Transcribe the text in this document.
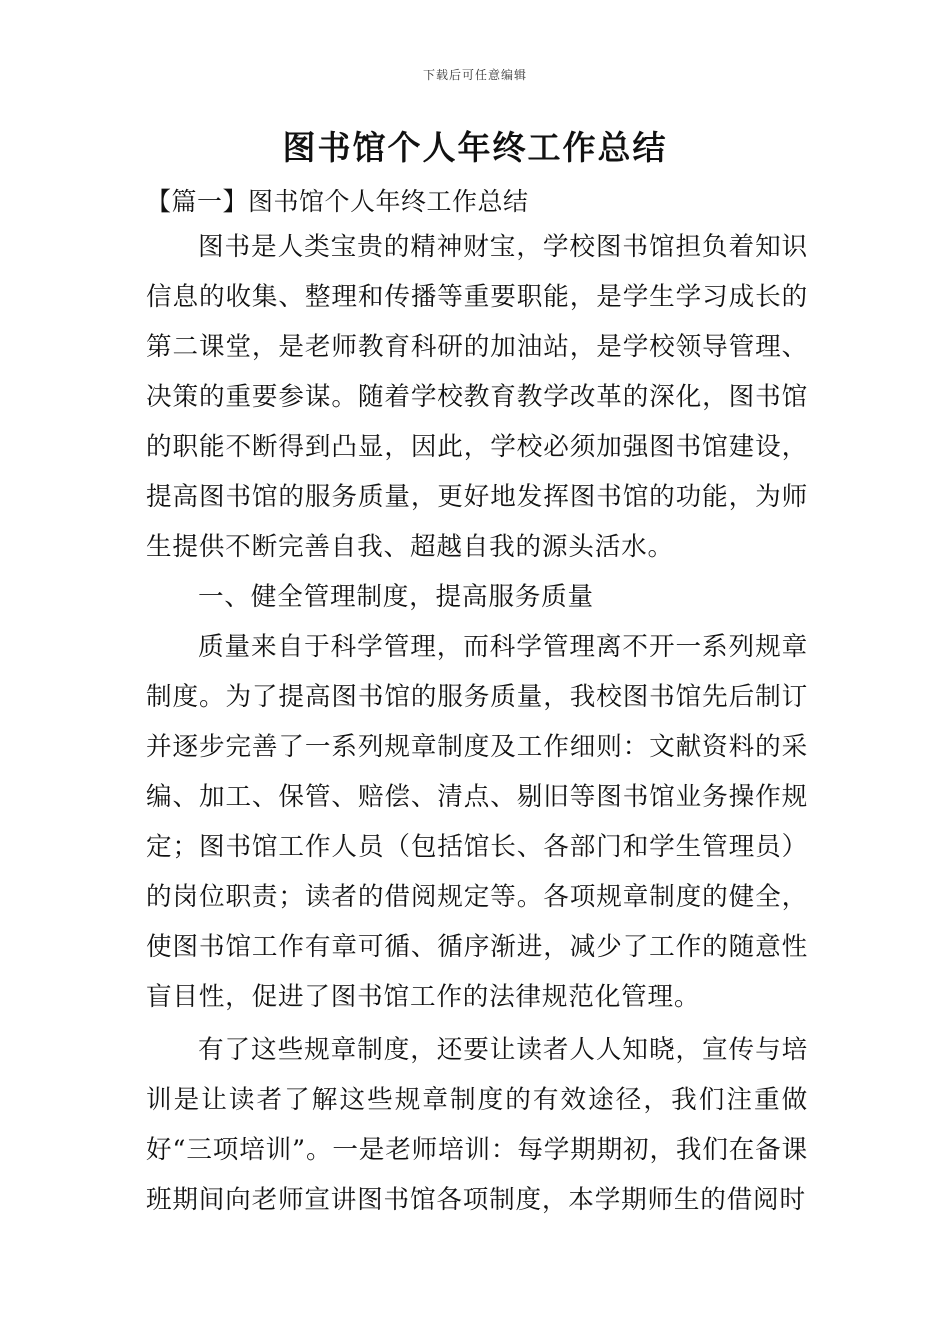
下载后可任意编辑
图书馆个人年终工作总结
【篇一】图书馆个人年终工作总结

图书是人类宝贵的精神财宝，学校图书馆担负着知识信息的收集、整理和传播等重要职能，是学生学习成长的第二课堂，是老师教育科研的加油站，是学校领导管理、决策的重要参谋。随着学校教育教学改革的深化，图书馆的职能不断得到凸显，因此，学校必须加强图书馆建设，提高图书馆的服务质量，更好地发挥图书馆的功能，为师生提供不断完善自我、超越自我的源头活水。

一、健全管理制度，提高服务质量

质量来自于科学管理，而科学管理离不开一系列规章制度。为了提高图书馆的服务质量，我校图书馆先后制订并逐步完善了一系列规章制度及工作细则：文献资料的采编、加工、保管、赔偿、清点、剔旧等图书馆业务操作规定；图书馆工作人员（包括馆长、各部门和学生管理员）的岗位职责；读者的借阅规定等。各项规章制度的健全，使图书馆工作有章可循、循序渐进，减少了工作的随意性盲目性，促进了图书馆工作的法律规范化管理。

有了这些规章制度，还要让读者人人知晓，宣传与培训是让读者了解这些规章制度的有效途径，我们注重做好“三项培训”。一是老师培训：每学期期初，我们在备课班期间向老师宣讲图书馆各项制度，本学期师生的借阅时
